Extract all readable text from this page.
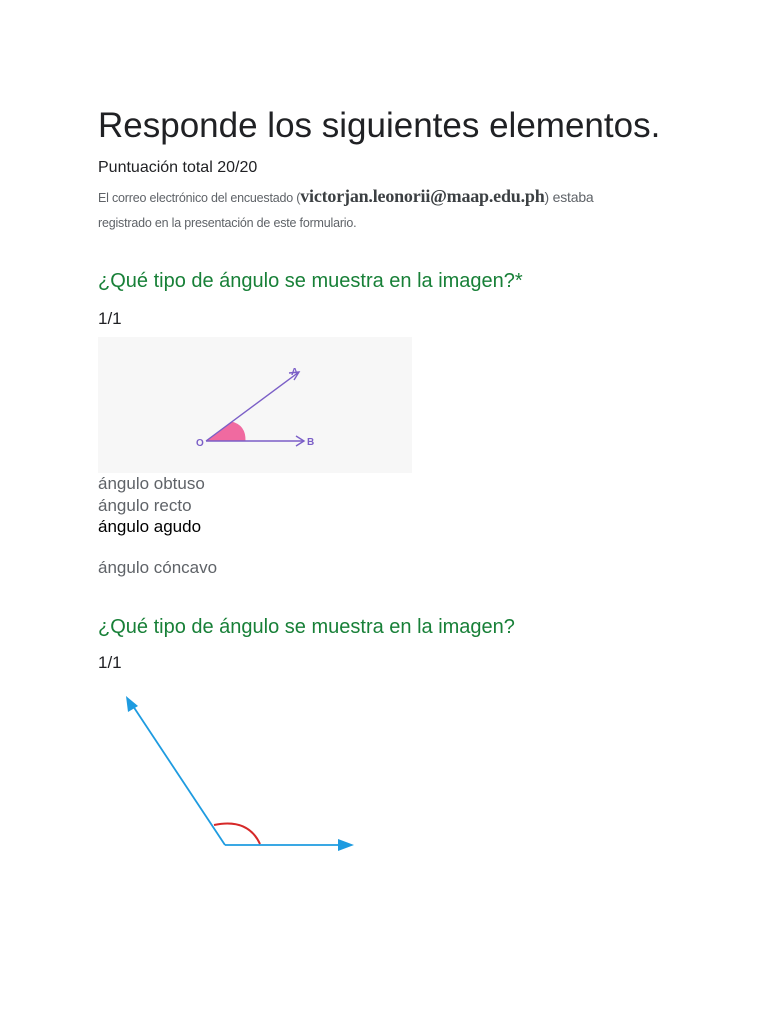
Responde los siguientes elementos.
Puntuación total 20/20
El correo electrónico del encuestado (victorjan.leonorii@maap.edu.ph) estaba
registrado en la presentación de este formulario.
¿Qué tipo de ángulo se muestra en la imagen?*
1/1
O
A
B
ángulo obtuso
ángulo recto
ángulo agudo
ángulo cóncavo
¿Qué tipo de ángulo se muestra en la imagen?
1/1
